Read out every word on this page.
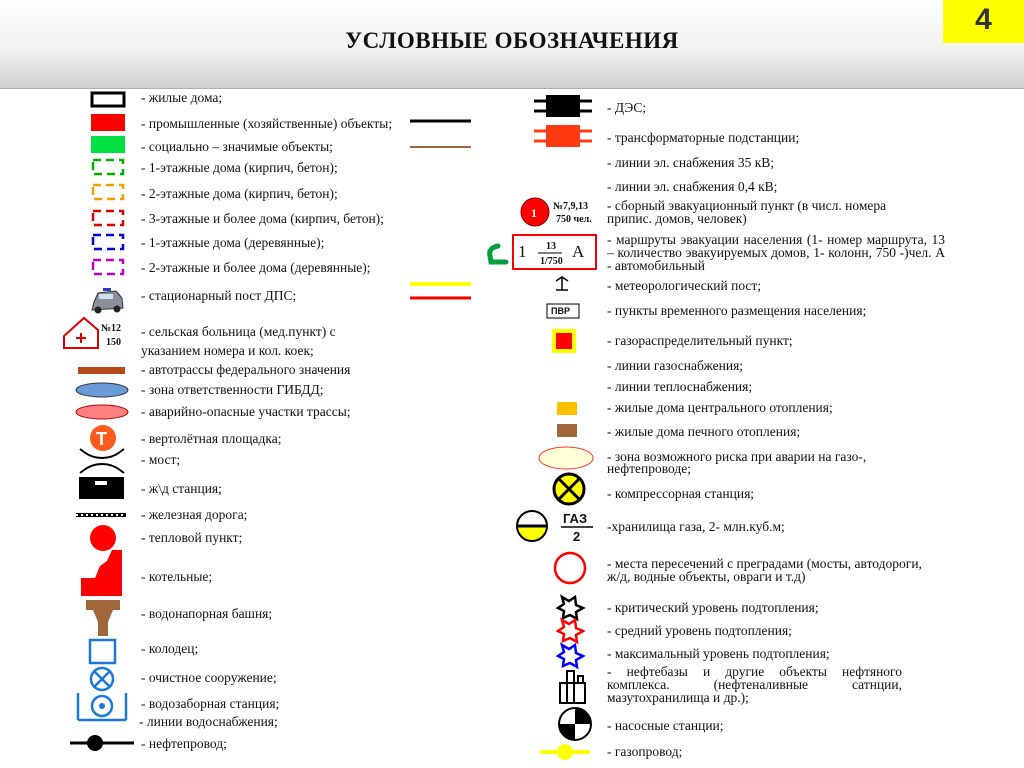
УСЛОВНЫЕ ОБОЗНАЧЕНИЯ
4
№12
150
Т
1 №7,9,13
750 чел.
1 13
1/750
А
ПВР
ГАЗ
2
- жилые дома;
- промышленные (хозяйственные) объекты;
- социально – значимые объекты;
- 1-этажные дома (кирпич, бетон);
- 2-этажные дома (кирпич, бетон);
- 3-этажные и более дома (кирпич, бетон);
- 1-этажные дома (деревянные);
- 2-этажные и более дома (деревянные);
- стационарный пост ДПС;
- сельская больница (мед.пункт) с указанием номера и кол. коек;
- автотрассы федерального значения
- зона ответственности ГИБДД;
- аварийно-опасные участки трассы;
- вертолётная площадка;
- мост;
- ж\д станция;
- железная дорога;
- тепловой пункт;
- котельные;
- водонапорная башня;
- колодец;
- очистное сооружение;
- водозаборная станция;
- линии водоснабжения;
- нефтепровод;
- ДЭС;
- трансформаторные подстанции;
- линии эл. снабжения 35 кВ;
- линии эл. снабжения 0,4 кВ;
- сборный эвакуационный пункт (в числ. номера припис. домов, человек)
- маршруты эвакуации населения (1- номер маршрута, 13 – количество эвакуируемых домов, 1- колонн, 750 -)чел. А - автомобильный
- метеорологический пост;
- пункты временного размещения населения;
- газораспределительный пункт;
- линии газоснабжения;
- линии теплоснабжения;
- жилые дома центрального отопления;
- жилые дома печного отопления;
- зона возможного риска при аварии на газо-, нефтепроводе;
- компрессорная станция;
-хранилища газа, 2- млн.куб.м;
- места пересечений с преградами (мосты, автодороги, ж/д, водные объекты, овраги и т.д)
- критический уровень подтопления;
- средний уровень подтопления;
- максимальный уровень подтопления;
- нефтебазы и другие объекты нефтяного комплекса. (нефтеналивные сатнции, мазутохранилища и др.);
- насосные станции;
- газопровод;
